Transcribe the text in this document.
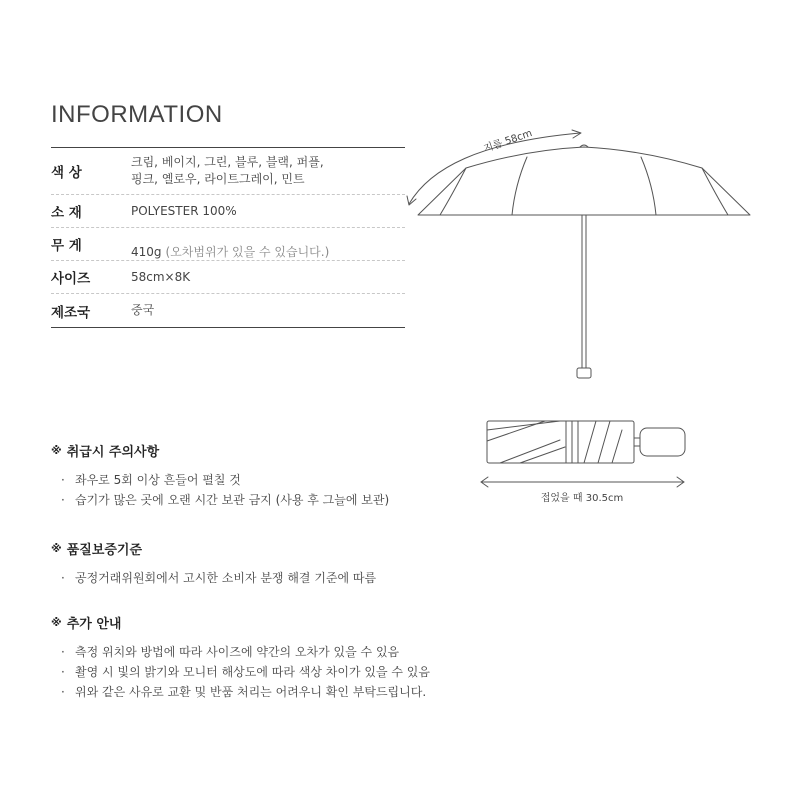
INFORMATION
색 상
크림, 베이지, 그린, 블루, 블랙, 퍼플,
핑크, 옐로우, 라이트그레이, 민트
소 재	POLYESTER 100%
무 게	410g (오차범위가 있을 수 있습니다.)

사이즈	58cm×8K
제조국	중국
지름 58cm
접었을 때 30.5cm
※ 취급시 주의사항
· 좌우로 5회 이상 흔들어 펼칠 것
· 습기가 많은 곳에 오랜 시간 보관 금지 (사용 후 그늘에 보관)
※ 품질보증기준
· 공정거래위원회에서 고시한 소비자 분쟁 해결 기준에 따름
※ 추가 안내
· 측정 위치와 방법에 따라 사이즈에 약간의 오차가 있을 수 있음
· 촬영 시 빛의 밝기와 모니터 해상도에 따라 색상 차이가 있을 수 있음
· 위와 같은 사유로 교환 및 반품 처리는 어려우니 확인 부탁드립니다.
